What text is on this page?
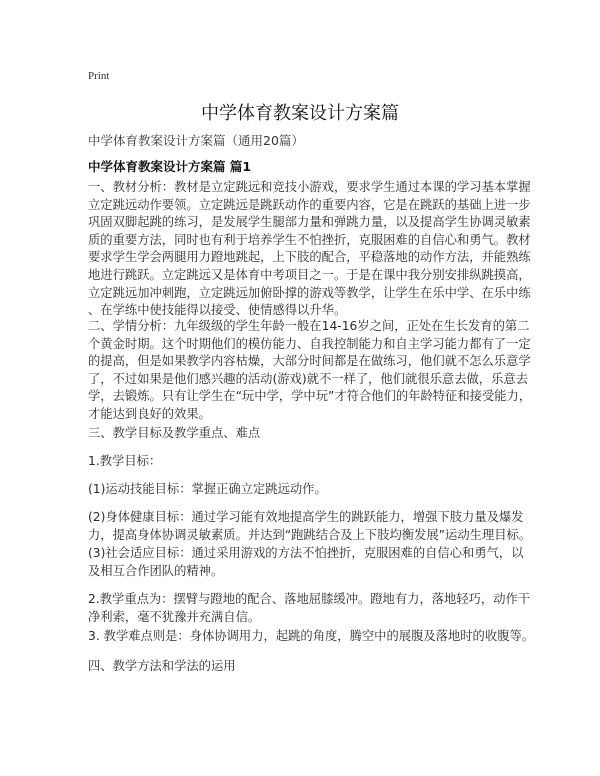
Print
中学体育教案设计方案篇
中学体育教案设计方案篇（通用20篇）
中学体育教案设计方案篇 篇1
一、教材分析：教材是立定跳远和竞技小游戏，要求学生通过本课的学习基本掌握
立定跳远动作要领。立定跳远是跳跃动作的重要内容，它是在跳跃的基础上进一步
巩固双脚起跳的练习，是发展学生腿部力量和弹跳力量，以及提高学生协调灵敏素
质的重要方法，同时也有利于培养学生不怕挫折，克服困难的自信心和勇气。教材
要求学生学会两腿用力蹬地跳起，上下肢的配合，平稳落地的动作方法，并能熟练
地进行跳跃。立定跳远又是体育中考项目之一。于是在课中我分别安排纵跳摸高，
立定跳远加冲刺跑，立定跳远加俯卧撑的游戏等教学，让学生在乐中学、在乐中练
、在学练中使技能得以接受、使情感得以升华。
二、学情分析：九年级级的学生年龄一般在14-16岁之间，正处在生长发育的第二
个黄金时期。这个时期他们的模仿能力、自我控制能力和自主学习能力都有了一定
的提高，但是如果教学内容枯燥，大部分时间都是在做练习，他们就不怎么乐意学
了，不过如果是他们感兴趣的活动(游戏)就不一样了，他们就很乐意去做，乐意去
学，去锻炼。只有让学生在“玩中学，学中玩”才符合他们的年龄特征和接受能力，
才能达到良好的效果。
三、教学目标及教学重点、难点
1.教学目标：
(1)运动技能目标：掌握正确立定跳远动作。
(2)身体健康目标：通过学习能有效地提高学生的跳跃能力，增强下肢力量及爆发
力，提高身体协调灵敏素质。并达到“跑跳结合及上下肢均衡发展”运动生理目标。
(3)社会适应目标：通过采用游戏的方法不怕挫折，克服困难的自信心和勇气，以
及相互合作团队的精神。
2.教学重点为：摆臂与蹬地的配合、落地屈膝缓冲。蹬地有力，落地轻巧，动作干
净利索，毫不犹豫并充满自信。
3. 教学难点则是：身体协调用力，起跳的角度，腾空中的展腹及落地时的收腹等。
四、教学方法和学法的运用
